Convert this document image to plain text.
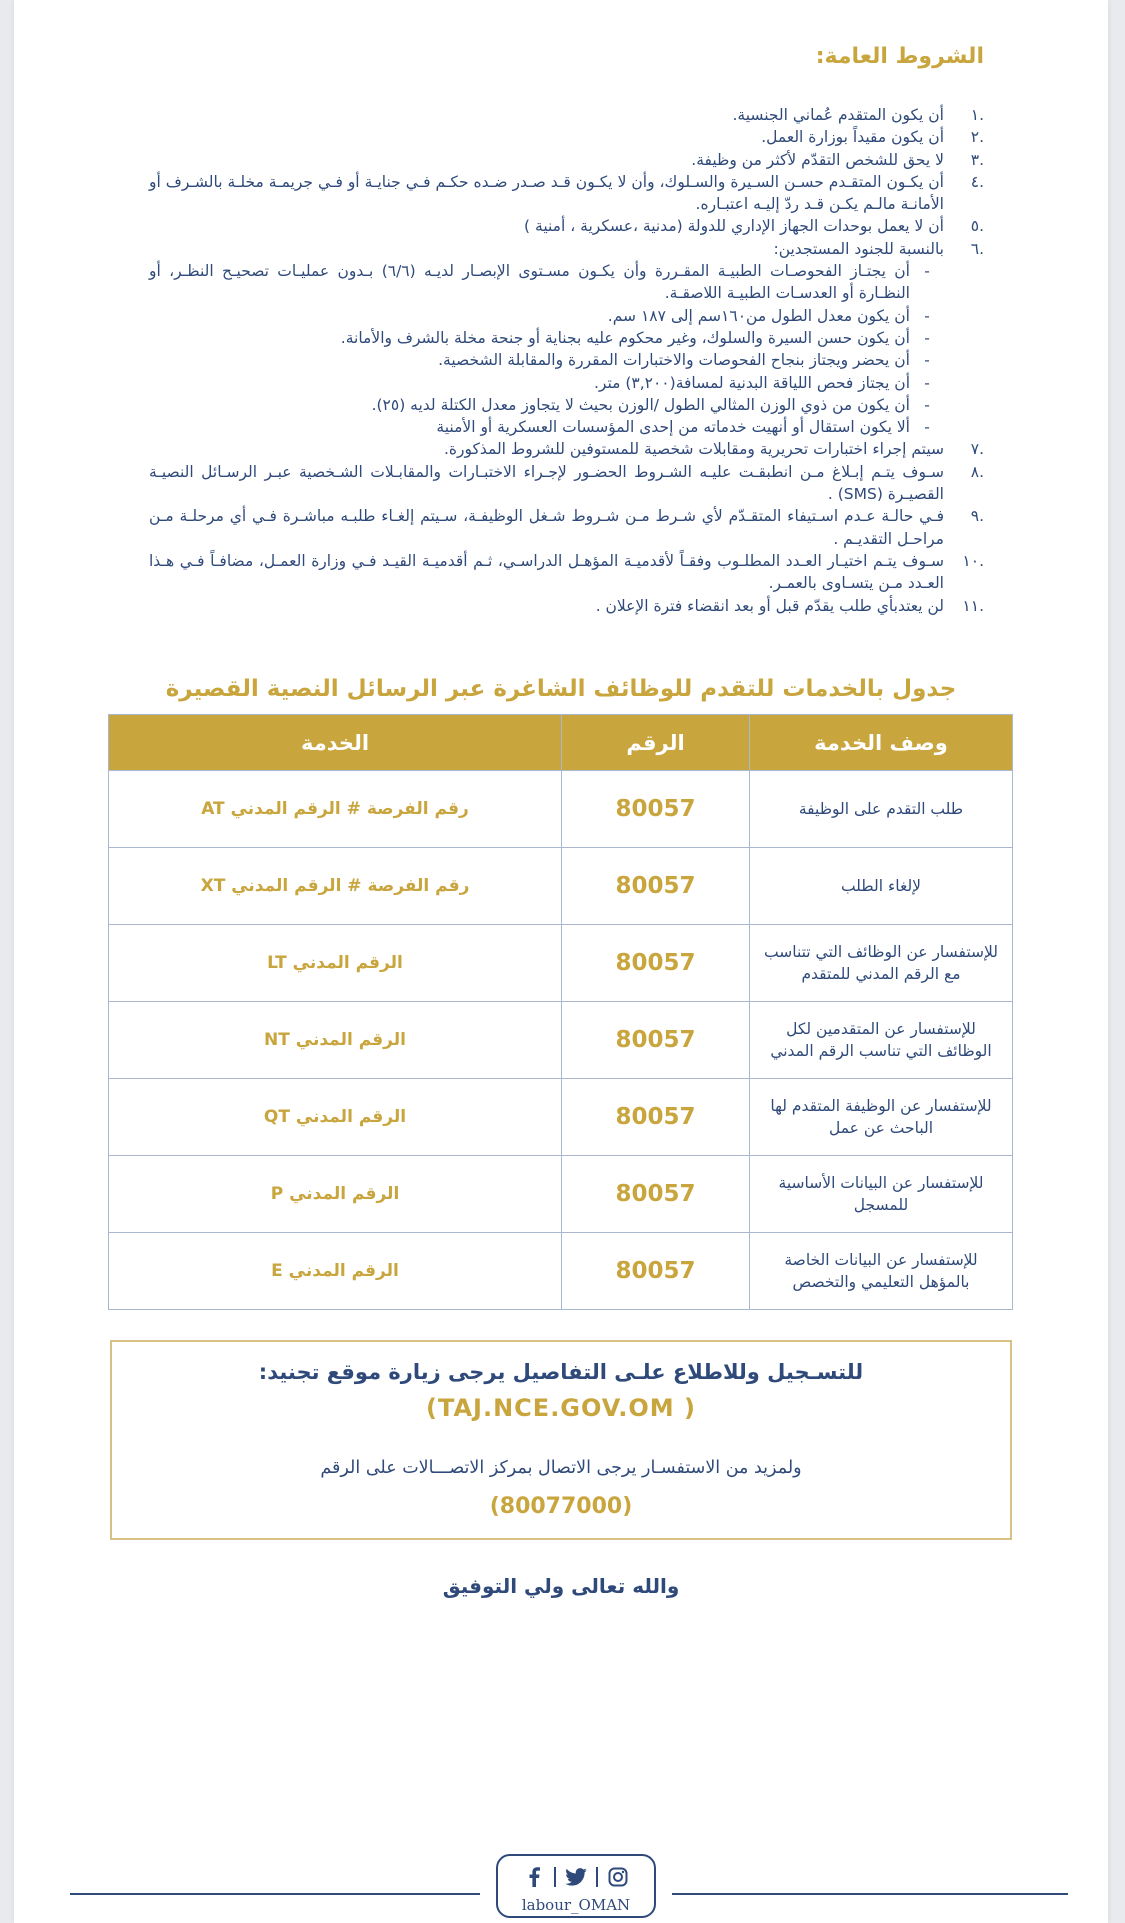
الشروط العامة:
.١
أن يكون المتقدم عُماني الجنسية.
.٢
أن يكون مقيداً بوزارة العمل.
.٣
لا يحق للشخص التقدّم لأكثر من وظيفة.
.٤
أن يكـون المتقـدم حسـن السـيرة والسـلوك، وأن لا يكـون قـد صـدر ضـده حكـم فـي جنايـة أو فـي جريمـة مخلـة بالشـرف أو الأمانـة مالـم يكـن قـد ردّ إليـه اعتبـاره.
.٥
أن لا يعمل بوحدات الجهاز الإداري للدولة (مدنية ،عسكرية ، أمنية )
.٦
بالنسبة للجنود المستجدين:
-
أن يجتـاز الفحوصـات الطبيـة المقـررة وأن يكـون مسـتوى الإبصـار لديـه (٦/٦) بـدون عمليـات تصحيـح النظـر، أو النظـارة أو العدسـات الطبيـة اللاصقـة.
-
أن يكون معدل الطول من١٦٠سم إلى ١٨٧ سم.
-
أن يكون حسن السيرة والسلوك، وغير محكوم عليه بجناية أو جنحة مخلة بالشرف والأمانة.
-
أن يحضر ويجتاز بنجاح الفحوصات والاختبارات المقررة والمقابلة الشخصية.
-
أن يجتاز فحص اللياقة البدنية لمسافة(٣,٢٠٠) متر.
-
أن يكون من ذوي الوزن المثالي الطول /الوزن بحيث لا يتجاوز معدل الكتلة لديه (٢٥).
-
ألا يكون استقال أو أنهيت خدماته من إحدى المؤسسات العسكرية أو الأمنية
.٧
سيتم إجراء اختبارات تحريرية ومقابلات شخصية للمستوفين للشروط المذكورة.
.٨
سـوف يتـم إبـلاغ مـن انطبقـت عليـه الشـروط الحضـور لإجـراء الاختبـارات والمقابـلات الشـخصية عبـر الرسـائل النصيـة القصيـرة (SMS) .
.٩
فـي حالـة عـدم اسـتيفاء المتقـدّم لأي شـرط مـن شـروط شـغل الوظيفـة، سـيتم إلغـاء طلبـه مباشـرة فـي أي مرحلـة مـن مراحـل التقديـم .
.١٠
سـوف يتـم اختيـار العـدد المطلـوب وفقـاً لأقدميـة المؤهـل الدراسـي، ثـم أقدميـة القيـد فـي وزارة العمـل، مضافـاً فـي هـذا العـدد مـن يتسـاوى بالعمـر.
.١١
لن يعتدبأي طلب يقدّم قبل أو بعد انقضاء فترة الإعلان .
جدول بالخدمات للتقدم للوظائف الشاغرة عبر الرسائل النصية القصيرة
وصف الخدمة	الرقم	الخدمة
طلب التقدم على الوظيفة	80057	رقم الفرصة # الرقم المدني AT
لإلغاء الطلب	80057	رقم الفرصة # الرقم المدني XT
للإستفسار عن الوظائف التي تتناسب مع الرقم المدني للمتقدم	80057	الرقم المدني LT
للإستفسار عن المتقدمين لكل الوظائف التي تناسب الرقم المدني	80057	الرقم المدني NT
للإستفسار عن الوظيفة المتقدم لها الباحث عن عمل	80057	الرقم المدني QT
للإستفسار عن البيانات الأساسية للمسجل	80057	الرقم المدني P
للإستفسار عن البيانات الخاصة بالمؤهل التعليمي والتخصص	80057	الرقم المدني E
للتسـجيل وللاطلاع علـى التفاصيل يرجى زيارة موقع تجنيد:
(TAJ.NCE.GOV.OM )
ولمزيد من الاستفسـار يرجى الاتصال بمركز الاتصـــالات على الرقم
(80077000)
والله تعالى ولي التوفيق
labour_OMAN
